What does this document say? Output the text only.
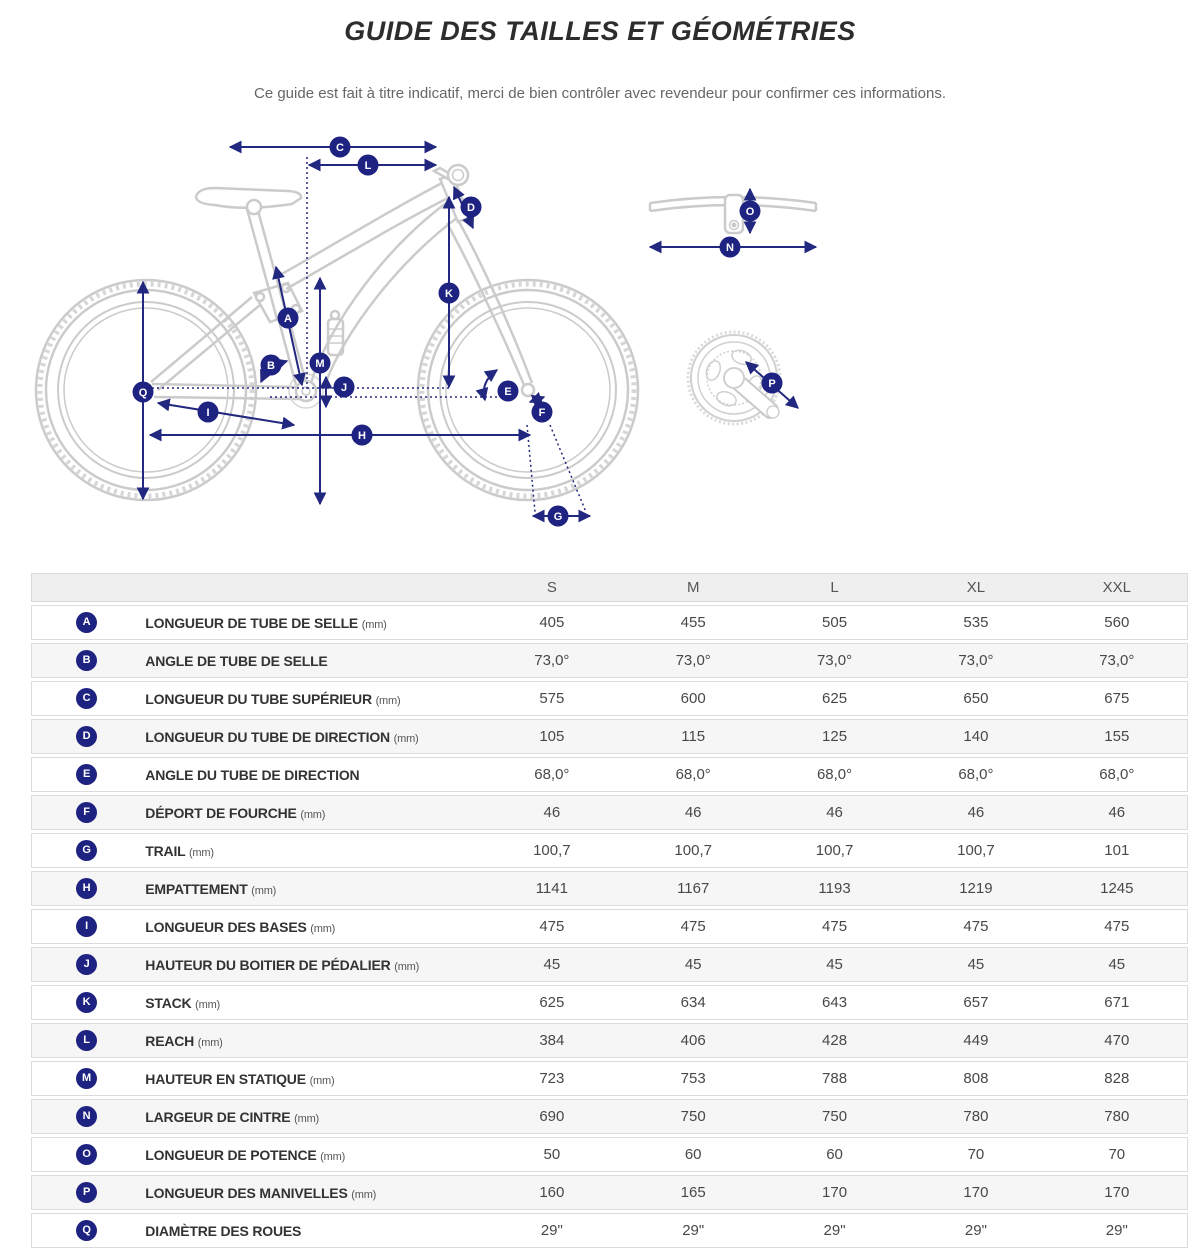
GUIDE DES TAILLES ET GÉOMÉTRIES
Ce guide est fait à titre indicatif, merci de bien contrôler avec revendeur pour confirmer ces informations.
C
L
D
K
A
B	M
J
Q
I
H
E
F
G
O
N
P
		S	M	L	XL	XXL
A	LONGUEUR DE TUBE DE SELLE (mm)	405	455	505	535	560
B	ANGLE DE TUBE DE SELLE	73,0°	73,0°	73,0°	73,0°	73,0°
C	LONGUEUR DU TUBE SUPÉRIEUR (mm)	575	600	625	650	675
D	LONGUEUR DU TUBE DE DIRECTION (mm)	105	115	125	140	155
E	ANGLE DU TUBE DE DIRECTION	68,0°	68,0°	68,0°	68,0°	68,0°
F	DÉPORT DE FOURCHE (mm)	46	46	46	46	46
G	TRAIL (mm)	100,7	100,7	100,7	100,7	101
H	EMPATTEMENT (mm)	1141	1167	1193	1219	1245
I	LONGUEUR DES BASES (mm)	475	475	475	475	475
J	HAUTEUR DU BOITIER DE PÉDALIER (mm)	45	45	45	45	45
K	STACK (mm)	625	634	643	657	671
L	REACH (mm)	384	406	428	449	470
M	HAUTEUR EN STATIQUE (mm)	723	753	788	808	828
N	LARGEUR DE CINTRE (mm)	690	750	750	780	780
O	LONGUEUR DE POTENCE (mm)	50	60	60	70	70
P	LONGUEUR DES MANIVELLES (mm)	160	165	170	170	170
Q	DIAMÈTRE DES ROUES	29"	29"	29"	29"	29"
